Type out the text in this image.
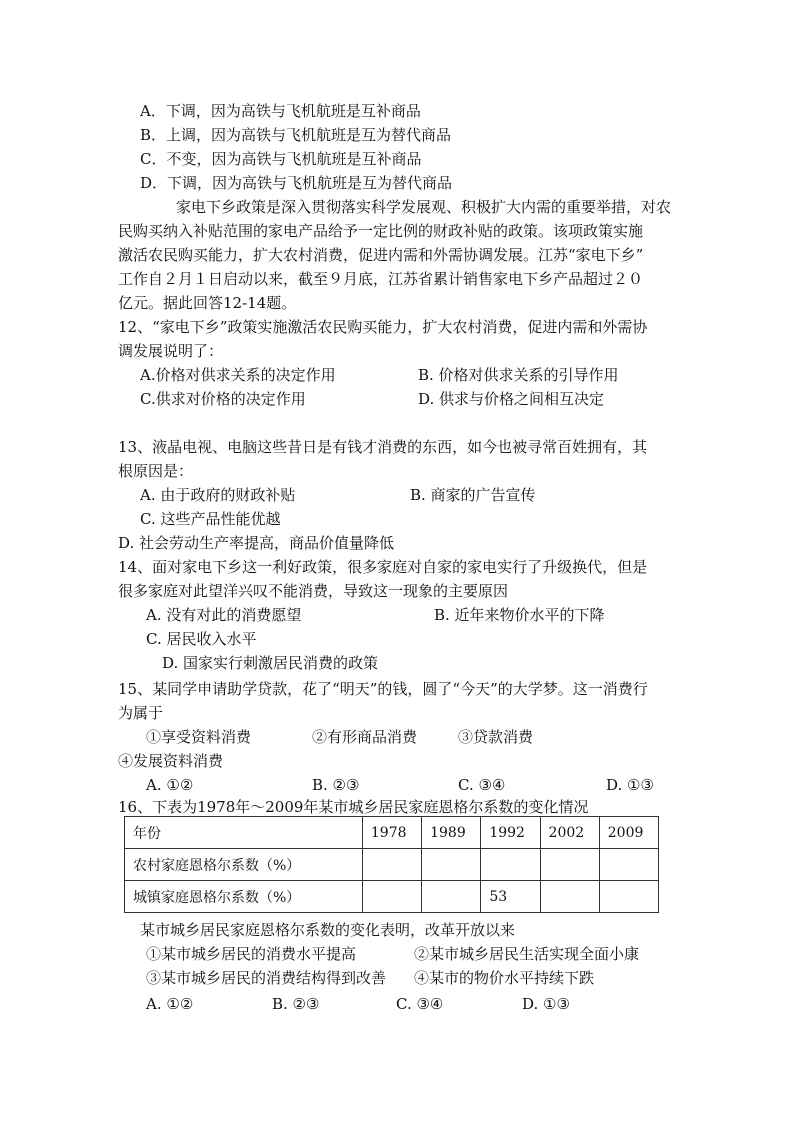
A．下调，因为高铁与飞机航班是互补商品
B．上调，因为高铁与飞机航班是互为替代商品
C．不变，因为高铁与飞机航班是互补商品
D．下调，因为高铁与飞机航班是互为替代商品
家电下乡政策是深入贯彻落实科学发展观、积极扩大内需的重要举措，对农
民购买纳入补贴范围的家电产品给予一定比例的财政补贴的政策。该项政策实施
激活农民购买能力，扩大农村消费，促进内需和外需协调发展。江苏“家电下乡”
工作自２月１日启动以来，截至９月底，江苏省累计销售家电下乡产品超过２０
亿元。据此回答12-14题。
12、“家电下乡”政策实施激活农民购买能力，扩大农村消费，促进内需和外需协
调发展说明了：
A.价格对供求关系的决定作用	B. 价格对供求关系的引导作用
C.供求对价格的决定作用	D. 供求与价格之间相互决定
13、液晶电视、电脑这些昔日是有钱才消费的东西，如今也被寻常百姓拥有，其
根原因是：
A. 由于政府的财政补贴	B. 商家的广告宣传
C. 这些产品性能优越
D. 社会劳动生产率提高，商品价值量降低
14、面对家电下乡这一利好政策，很多家庭对自家的家电实行了升级换代，但是
很多家庭对此望洋兴叹不能消费，导致这一现象的主要原因
A. 没有对此的消费愿望	B. 近年来物价水平的下降
C. 居民收入水平
D. 国家实行刺激居民消费的政策
15、某同学申请助学贷款，花了“明天”的钱，圆了“今天”的大学梦。这一消费行
为属于
①享受资料消费	②有形商品消费	③贷款消费
④发展资料消费
A. ①②	B. ②③	C. ③④	D. ①③
16、下表为1978年～2009年某市城乡居民家庭恩格尔系数的变化情况
年份	1978	1989	1992	2002	2009
农村家庭恩格尔系数（%）					
城镇家庭恩格尔系数（%）			53		
某市城乡居民家庭恩格尔系数的变化表明，改革开放以来
①某市城乡居民的消费水平提高	②某市城乡居民生活实现全面小康
③某市城乡居民的消费结构得到改善 ④某市的物价水平持续下跌
A. ①②	B. ②③	C. ③④	D. ①③
